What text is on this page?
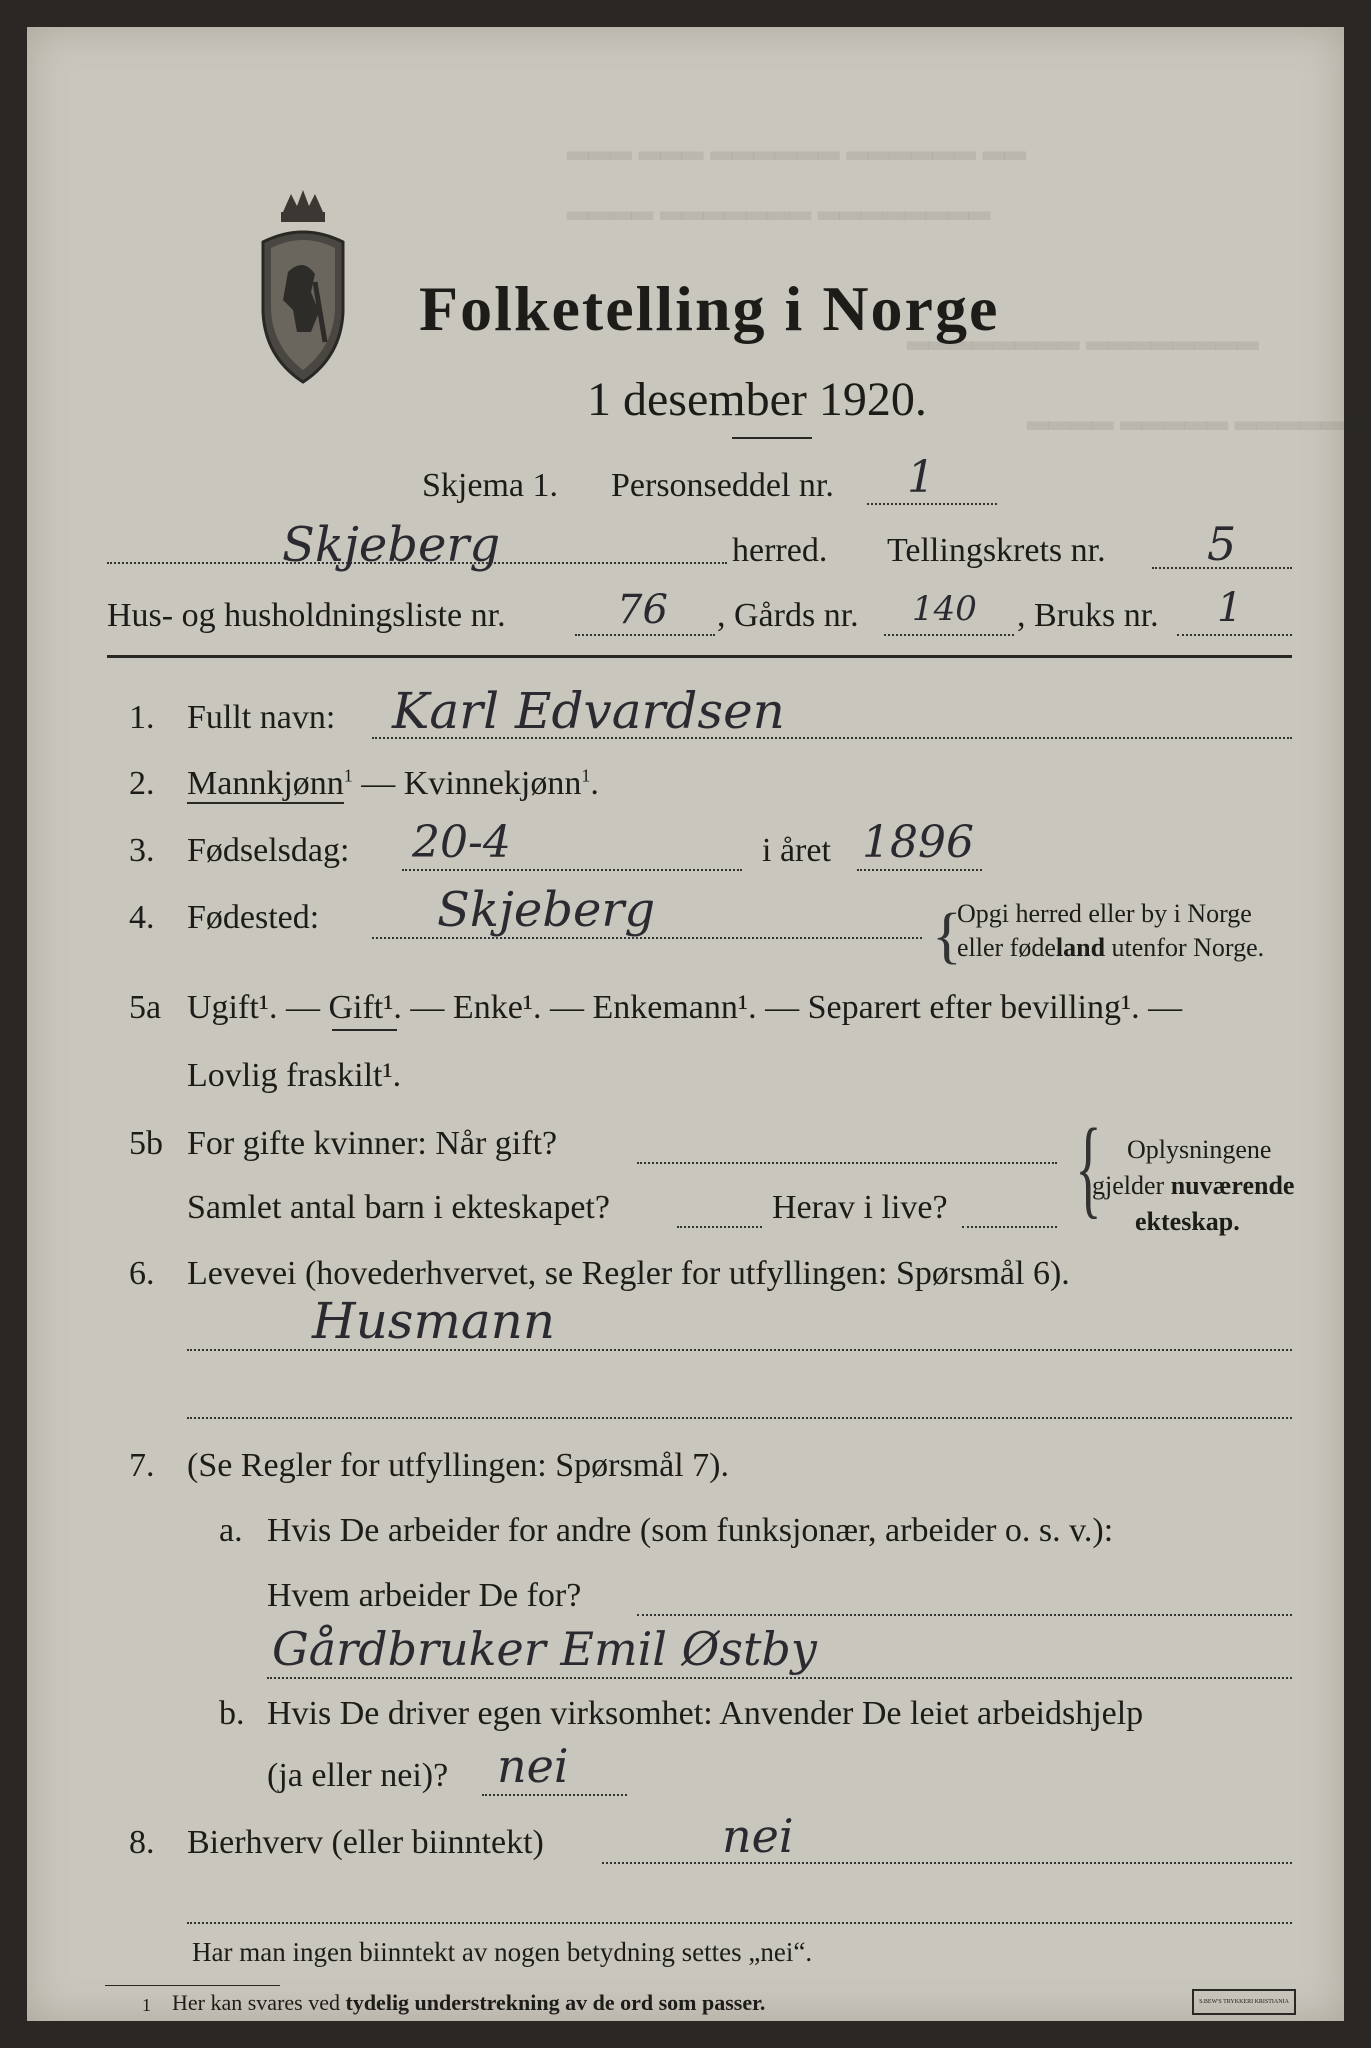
▂▂▂ ▂▂▂ ▂▂▂▂▂▂ ▂▂▂▂▂▂ ▂▂
▂▂▂▂ ▂▂▂▂▂▂▂ ▂▂▂▂▂▂▂▂
▂▂▂▂▂▂▂▂ ▂▂▂▂▂▂▂▂
▂▂▂▂ ▂▂▂▂▂ ▂▂▂▂▂▂
Folketelling i Norge
1 desember 1920.
Skjema 1. Personseddel nr. 1
Skjeberg	herred. Tellingskrets nr. 5
Hus- og husholdningsliste nr.	76 , Gårds nr. 140 , Bruks nr. 1
1. Fullt navn: Karl Edvardsen
2. Mannkjønn$^1$ — Kvinnekjønn$^1$.
3. Fødselsdag: 20-4	i året 1896
4. Fødested: Skjeberg	{
Opgi herred eller by i Norge
eller fødeland utenfor Norge.
5a Ugift¹. — Gift¹. — Enke¹. — Enkemann¹. — Separert efter bevilling¹. —
Lovlig fraskilt¹.
5b For gifte kvinner: Når gift?
Samlet antal barn i ekteskapet?	Herav i live? { Oplysningene
gjelder nuværende
ekteskap.
6. Levevei (hovederhvervet, se Regler for utfyllingen: Spørsmål 6).
Husmann
7. (Se Regler for utfyllingen: Spørsmål 7).
a. Hvis De arbeider for andre (som funksjonær, arbeider o. s. v.):
Hvem arbeider De for?
Gårdbruker Emil Østby
b. Hvis De driver egen virksomhet: Anvender De leiet arbeidshjelp
(ja eller nei)? nei
8. Bierhverv (eller biinntekt)	nei
Har man ingen biinntekt av nogen betydning settes „nei“.
1 Her kan svares ved tydelig understrekning av de ord som passer.	S.BEW'S TRYKKERI KRISTIANIA
